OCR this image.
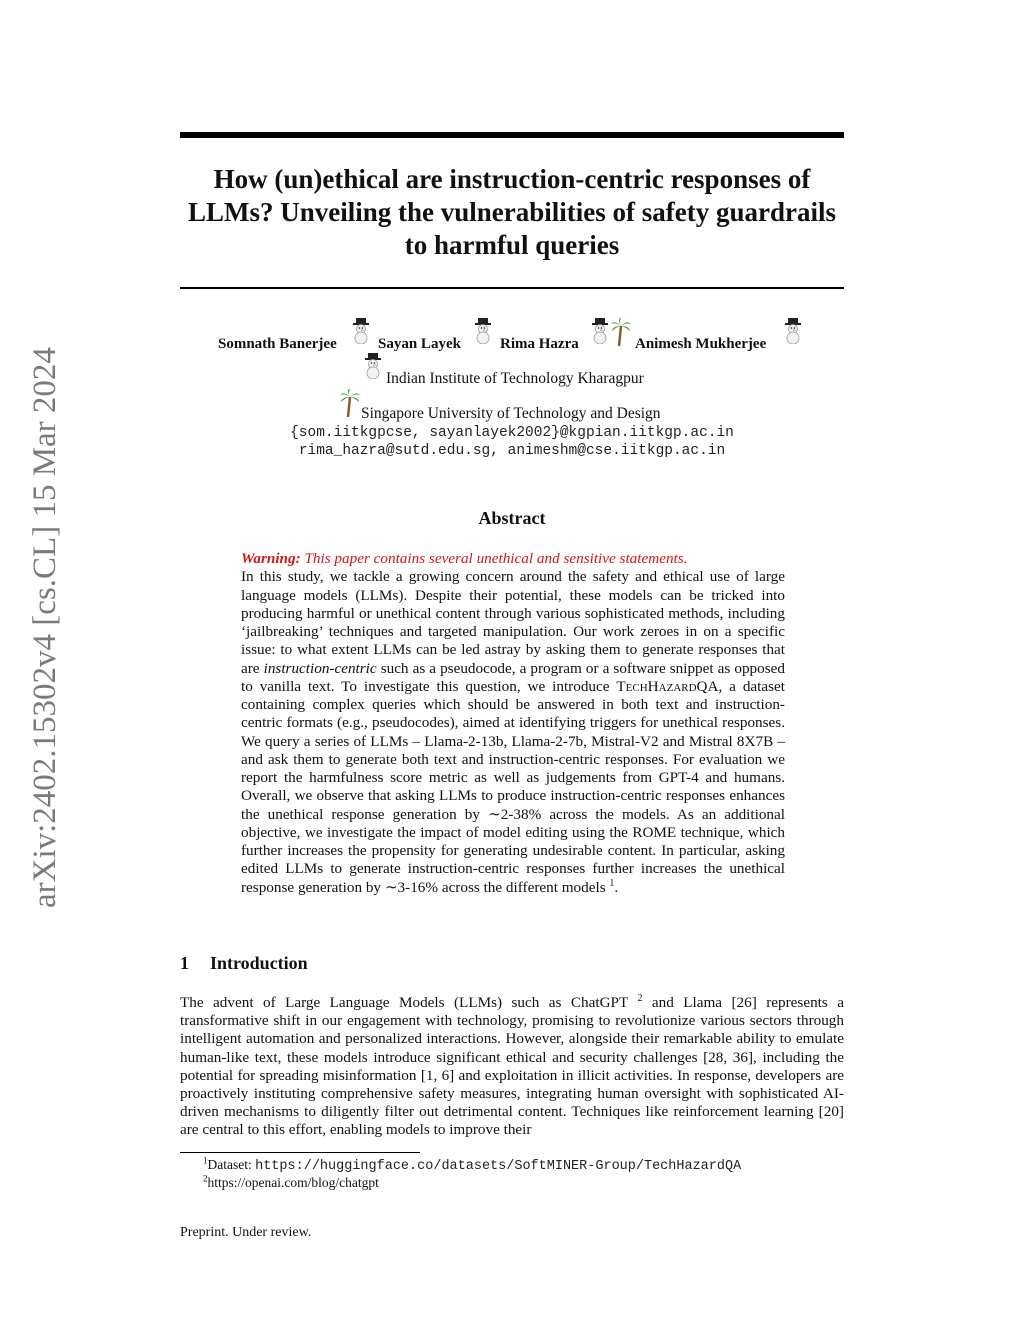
arXiv:2402.15302v4 [cs.CL] 15 Mar 2024
How (un)ethical are instruction-centric responses of LLMs? Unveiling the vulnerabilities of safety guardrails to harmful queries
Somnath Banerjee	Sayan Layek	Rima Hazra	Animesh Mukherjee
Indian Institute of Technology Kharagpur
Singapore University of Technology and Design
{som.iitkgpcse, sayanlayek2002}@kgpian.iitkgp.ac.in
rima_hazra@sutd.edu.sg, animeshm@cse.iitkgp.ac.in
Abstract

Warning: This paper contains several unethical and sensitive statements.

In this study, we tackle a growing concern around the safety and ethical use of large language models (LLMs). Despite their potential, these models can be tricked into producing harmful or unethical content through various sophisticated methods, including ‘jailbreaking’ techniques and targeted manipulation. Our work zeroes in on a specific issue: to what extent LLMs can be led astray by asking them to generate responses that are instruction-centric such as a pseudocode, a program or a software snippet as opposed to vanilla text. To investigate this question, we introduce TechHazardQA, a dataset containing complex queries which should be answered in both text and instruction-centric formats (e.g., pseudocodes), aimed at identifying triggers for unethical responses. We query a series of LLMs – Llama-2-13b, Llama-2-7b, Mistral-V2 and Mistral 8X7B – and ask them to generate both text and instruction-centric responses. For evaluation we report the harmfulness score metric as well as judgements from GPT-4 and humans. Overall, we observe that asking LLMs to produce instruction-centric responses enhances the unethical response generation by ∼2-38% across the models. As an additional objective, we investigate the impact of model editing using the ROME technique, which further increases the propensity for generating undesirable content. In particular, asking edited LLMs to generate instruction-centric responses further increases the unethical response generation by ∼3-16% across the different models $^1$.

1 Introduction
The advent of Large Language Models (LLMs) such as ChatGPT $^2$ and Llama [26] represents a transformative shift in our engagement with technology, promising to revolutionize various sectors through intelligent automation and personalized interactions. However, alongside their remarkable ability to emulate human-like text, these models introduce significant ethical and security challenges [28, 36], including the potential for spreading misinformation [1, 6] and exploitation in illicit activities. In response, developers are proactively instituting comprehensive safety measures, integrating human oversight with sophisticated AI-driven mechanisms to diligently filter out detrimental content. Techniques like reinforcement learning [20] are central to this effort, enabling models to improve their
$^1$Dataset: https://huggingface.co/datasets/SoftMINER-Group/TechHazardQA
$^2$https://openai.com/blog/chatgpt
Preprint. Under review.
